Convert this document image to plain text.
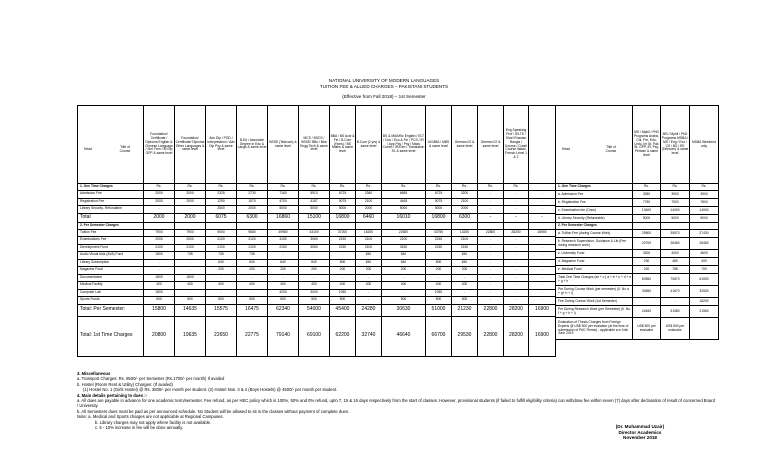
NATIONAL UNIVERSITY OF MODERN LANGUAGES
TUITION FEE & ALLIED CHARGES – PAKISTANI STUDENTS
(Effective from Fall 2018) – 1st Semester
Head Title of Course	Foundation/ Certificate / Diploma English & Chinese Language / Sml Fren / IB Dip GPP & same level	Foundation/ Certificate/ Diploma Other Languages & same level	Adv Dip / PGD / Interpretation / Adv Dip Psy & same level	B.Ed / Associate Degree in Edu & Langs & same level	BSSE (Telecom) & same level	MCS / BSCS / BSSE/ BBs / Bba Engg Tech & same level	BBA / BS Acct & Fin / B.Com (Hons) / BS Maths & same level	B.Com (2 yrs) & same level	BS & MA/MSc English / ELT / Gov / Eco & Fin / PCS / IR / App Psy / Psy / Mass Comm / IR/Gen / Translation St. & same level	All MBA / MBS & same level	German 02 & same level	German 02 & same level	Eng Speaking Prof / IELTS / Short Russian Bangla / Course / Crash Course Italian, French Level 1 & 2		
1. One Time Charges	Rs.	Rs.	Rs.	Rs.	Rs.	Rs.	Rs.	Rs.	Rs.	Rs.	Rs.	Rs.	Rs.		
Admission Fee	2000	2000	2325	2730	7160	5913	6725	2360	6685	6725	3200	-	-	-	
Registration Fee	2000	2000	1250	1570	4700	4187	5075	2100	4465	5075	2100	-	-	-	
Library Security- Refundable	-	-	2500	2000	5000	5000	5000	2000	5000	5000	2000	-	-	-	
Total	2000	2000	6075	6300	16860	15100	16800	6460	16010	16800	6300	-	-	-	
2. Per Semester Charges															
Tuition Fee	7900	7900	9000	9680	49980	43100	37200	18200	22600	43750	13200	22800	28200	16900	
Examinations Fee	2000	2000	2100	2100	3150	3060	2150	2100	2100	2150	2100	-	-	-	
Development Fund	2100	2100	2100	2100	2150	3060	2150	2100	3150	2150	2150	-	-	-	
Audio Visual Aids (AVA) Fund	1800	735	735	735	-	-	-	840	840	-	840	-	-	-	
Library Subscription	-	-	840	840	840	840	800	840	840	800	840	-	-	-	
Magazine Fund	-	-	200	200	200	200	200	200	200	200	200	-	-	-	
Documentation	1800	1800	-	-	-	-	-	-	-	-	-	-	-	-	
Medical Facility	400	400	400	400	400	400	400	400	400	400	400	-	-	-	
Computer Lab	1800	-	-	-	4200	3000	1050	-	-	1050	-	-	-	-	
Sports Funds	500	500	500	500	500	500	500	-	500	500	500	-	-	-	
Total: Per Semester:	15800	14635	15575	16475	62340	54000	45400	24280	30630	51000	21230	22800	28200	16900	
Total: 1st Time Charges	20800	19635	22650	22775	79140	69100	62200	32740	46640	66700	29530	22800	28200	16900	
Head Title of Course	MS / Mphil / PhD Programs Arabic, Chi, Fre, Edu, Urdu, Int St, Pak St, GPP, IR, Psy, Persian & same level	MS / Mphil / PhD Programs MSBA / MS / Eng / Eco / CS / BS / EE (Telecom) & same level	MSBA Weekend only
1. One Time Charges	Rs.	Rs.	Rs.
a. Admission Fee	3380	3900	3900
b. Registration Fee	7780	7900	7800
c. Examination fee (Once)	13400	14000	14000
d. Library Security (Refundable)	5000	5000	5000
2. Per Semester Charges			
a. Tuition Fee (during Course Work)	29800	35570	27430
b. Research Supervision, Guidance & Lib (Fee during research work)	20700	26460	28460
c. University Fund	3300	4000	4600
d. Magazine Fund	230	480	400
e. Medical Fund	220	785	700
Total One Time Charges (lst + c ) a + b + c + d + e + g + h	60550	70870	61530
Per During Course Work (per semester) (II. No a + g+ h + i)	33650	41670	32530
Fee During Course Work (1st Semester)	-	-	18200
Per During Research Work (per Semester) (II. No. f + g + h + i)	24640	31580	21560
Evaluation of Thesis Charges from Foreign Experts @ US$ 500 per evaluator (at the time of submission of PhD Thesis) - applicable w.e.f fall June 2019	US$ 500 per evaluator	US$ 500 per evaluator	

3. Miscellaneous

a. Transport Charges: Rs. 8500/- per Semester (Rs.1700/- per month) If availed

b. Hostel (Room Rent & Utility) Charges: (If availed)

(1) Hostel No. 1 (Girls Hostel) @ Rs. 3800/- per month per student. (2) Hostel Nos. 3 & 4 (Boys Hostels) @ 4500/- per month per student.

4. Main details pertaining to dues :-

a. All dues are payable in advance for one academic term/semester. Fee refund, as per HEC policy which is 100%, 50% and 0% refund, upto 7, 15 & 16 days respectively from the start of classes. However, provisional students (if failed to fulfill eligibility criteria) can withdraw fee within seven (7) days after declaration of result of concerned Board / University.

b. All Semesters dues must be paid as per announced schedule. No Student will be allowed to sit in the classes without payment of complete dues.

Note: a. Medical and Sports charges are not applicable at Regional Campuses.

b. Library charges may not apply where facility is not available.

c. 5 - 10% increase in fee will be done annually.	(Dr. Muhammad Uzair)
Director Academics
November 2018
